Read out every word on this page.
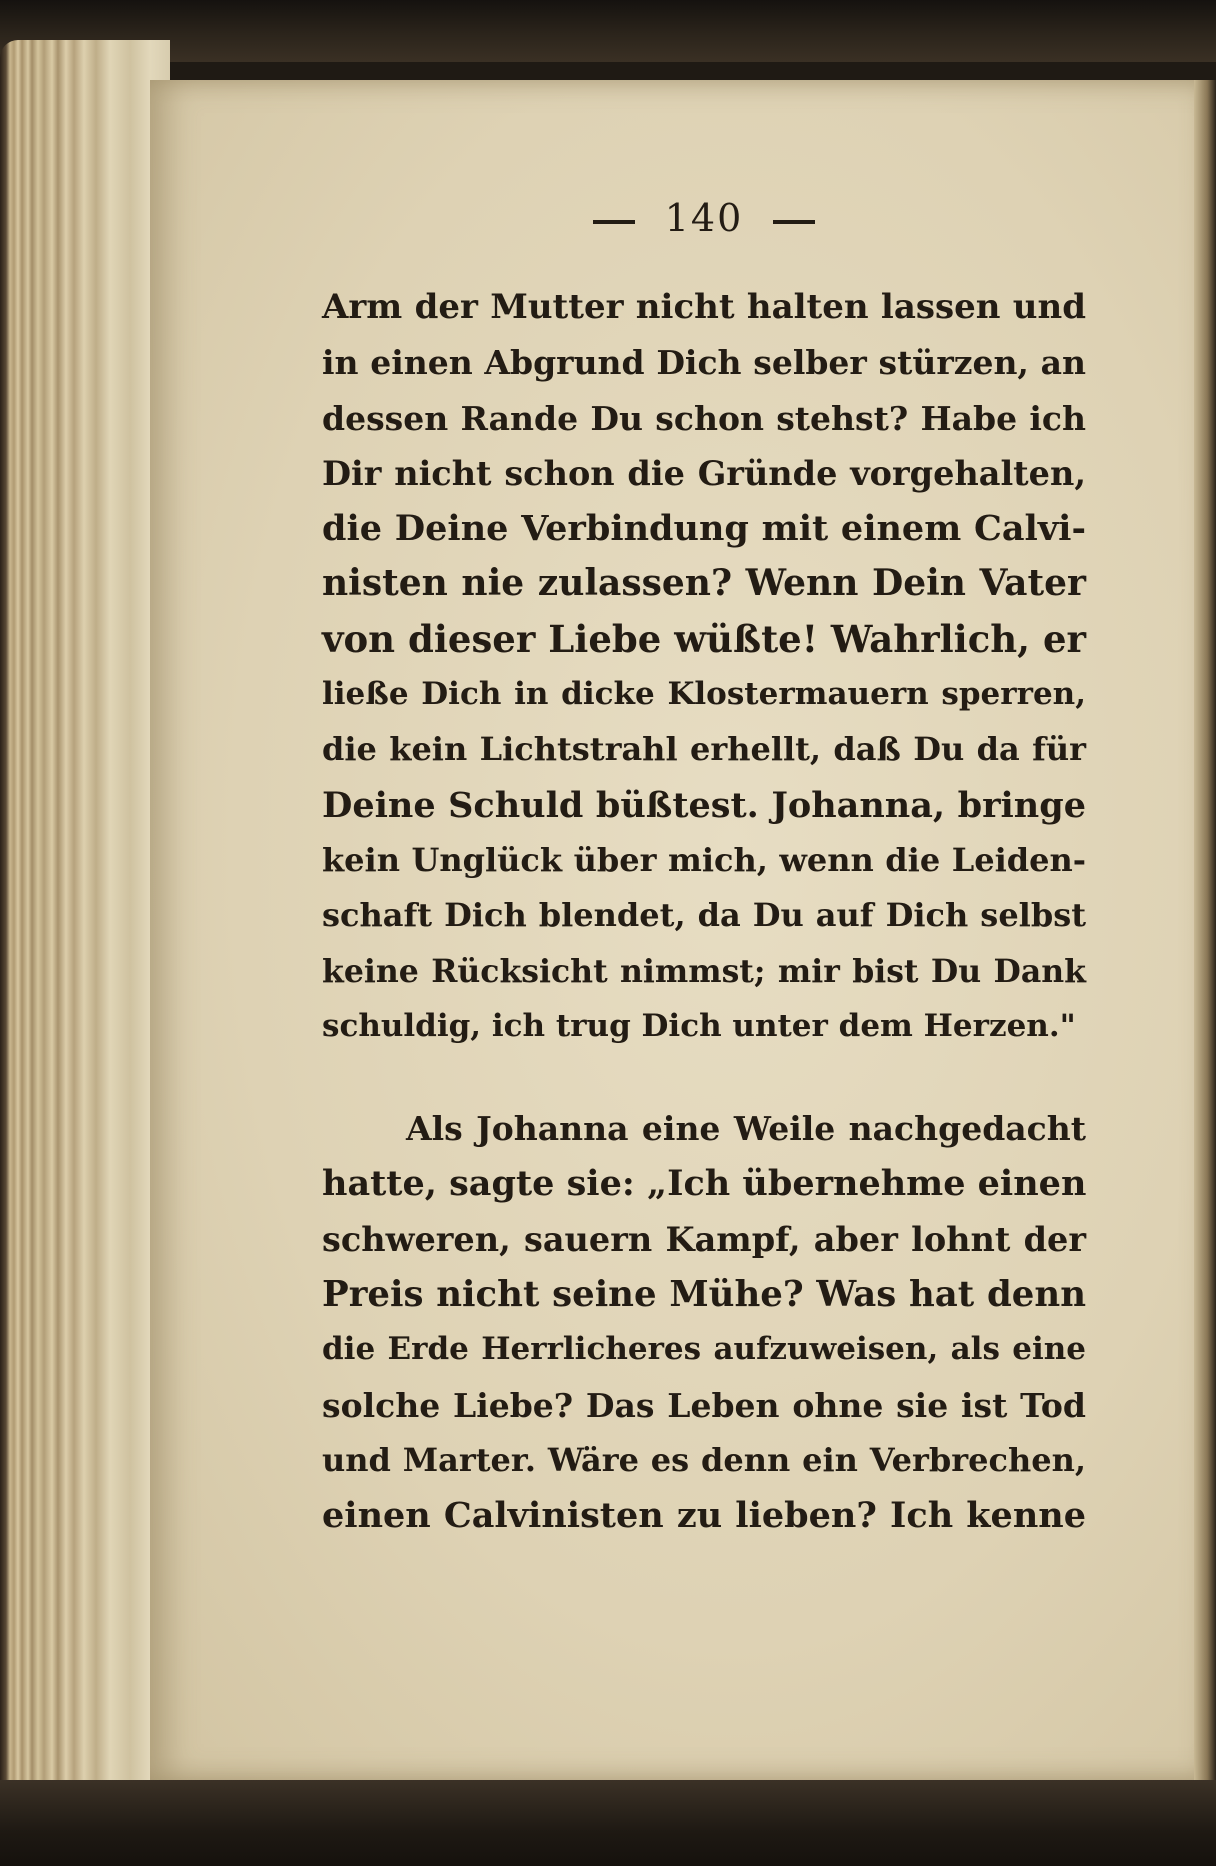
140
Arm der Mutter nicht halten lassen und
in einen Abgrund Dich selber stürzen, an
dessen Rande Du schon stehst? Habe ich
Dir nicht schon die Gründe vorgehalten,
die Deine Verbindung mit einem Calvi-
nisten nie zulassen? Wenn Dein Vater
von dieser Liebe wüßte! Wahrlich, er
ließe Dich in dicke Klostermauern sperren,
die kein Lichtstrahl erhellt, daß Du da für
Deine Schuld büßtest. Johanna, bringe
kein Unglück über mich, wenn die Leiden-
schaft Dich blendet, da Du auf Dich selbst
keine Rücksicht nimmst; mir bist Du Dank
schuldig, ich trug Dich unter dem Herzen."
Als Johanna eine Weile nachgedacht
hatte, sagte sie: „Ich übernehme einen
schweren, sauern Kampf, aber lohnt der
Preis nicht seine Mühe? Was hat denn
die Erde Herrlicheres aufzuweisen, als eine
solche Liebe? Das Leben ohne sie ist Tod
und Marter. Wäre es denn ein Verbrechen,
einen Calvinisten zu lieben? Ich kenne
